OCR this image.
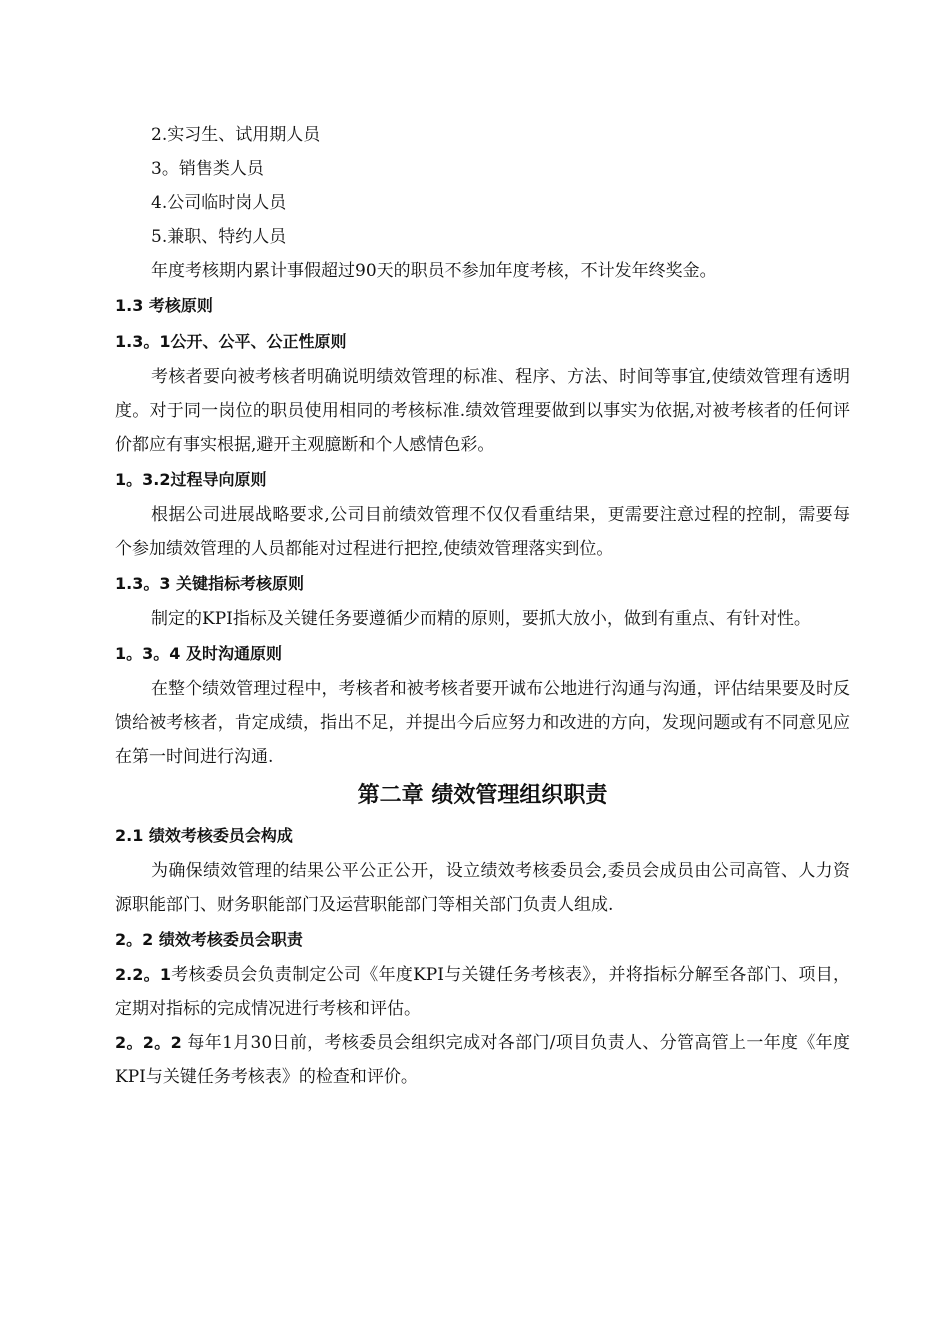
2.实习生、试用期人员
3。销售类人员
4.公司临时岗人员
5.兼职、特约人员
年度考核期内累计事假超过90天的职员不参加年度考核，不计发年终奖金。
1.3 考核原则
1.3。1公开、公平、公正性原则
考核者要向被考核者明确说明绩效管理的标准、程序、方法、时间等事宜,使绩效管理有透明度。对于同一岗位的职员使用相同的考核标准.绩效管理要做到以事实为依据,对被考核者的任何评价都应有事实根据,避开主观臆断和个人感情色彩。
1。3.2过程导向原则
根据公司进展战略要求,公司目前绩效管理不仅仅看重结果，更需要注意过程的控制，需要每个参加绩效管理的人员都能对过程进行把控,使绩效管理落实到位。
1.3。3 关键指标考核原则
制定的KPI指标及关键任务要遵循少而精的原则，要抓大放小，做到有重点、有针对性。
1。3。4 及时沟通原则
在整个绩效管理过程中，考核者和被考核者要开诚布公地进行沟通与沟通，评估结果要及时反馈给被考核者，肯定成绩，指出不足，并提出今后应努力和改进的方向，发现问题或有不同意见应在第一时间进行沟通.
第二章 绩效管理组织职责
2.1 绩效考核委员会构成
为确保绩效管理的结果公平公正公开，设立绩效考核委员会,委员会成员由公司高管、人力资源职能部门、财务职能部门及运营职能部门等相关部门负责人组成.
2。2 绩效考核委员会职责
2.2。1考核委员会负责制定公司《年度KPI与关键任务考核表》，并将指标分解至各部门、项目，定期对指标的完成情况进行考核和评估。
2。2。2 每年1月30日前，考核委员会组织完成对各部门/项目负责人、分管高管上一年度《年度KPI与关键任务考核表》的检查和评价。
